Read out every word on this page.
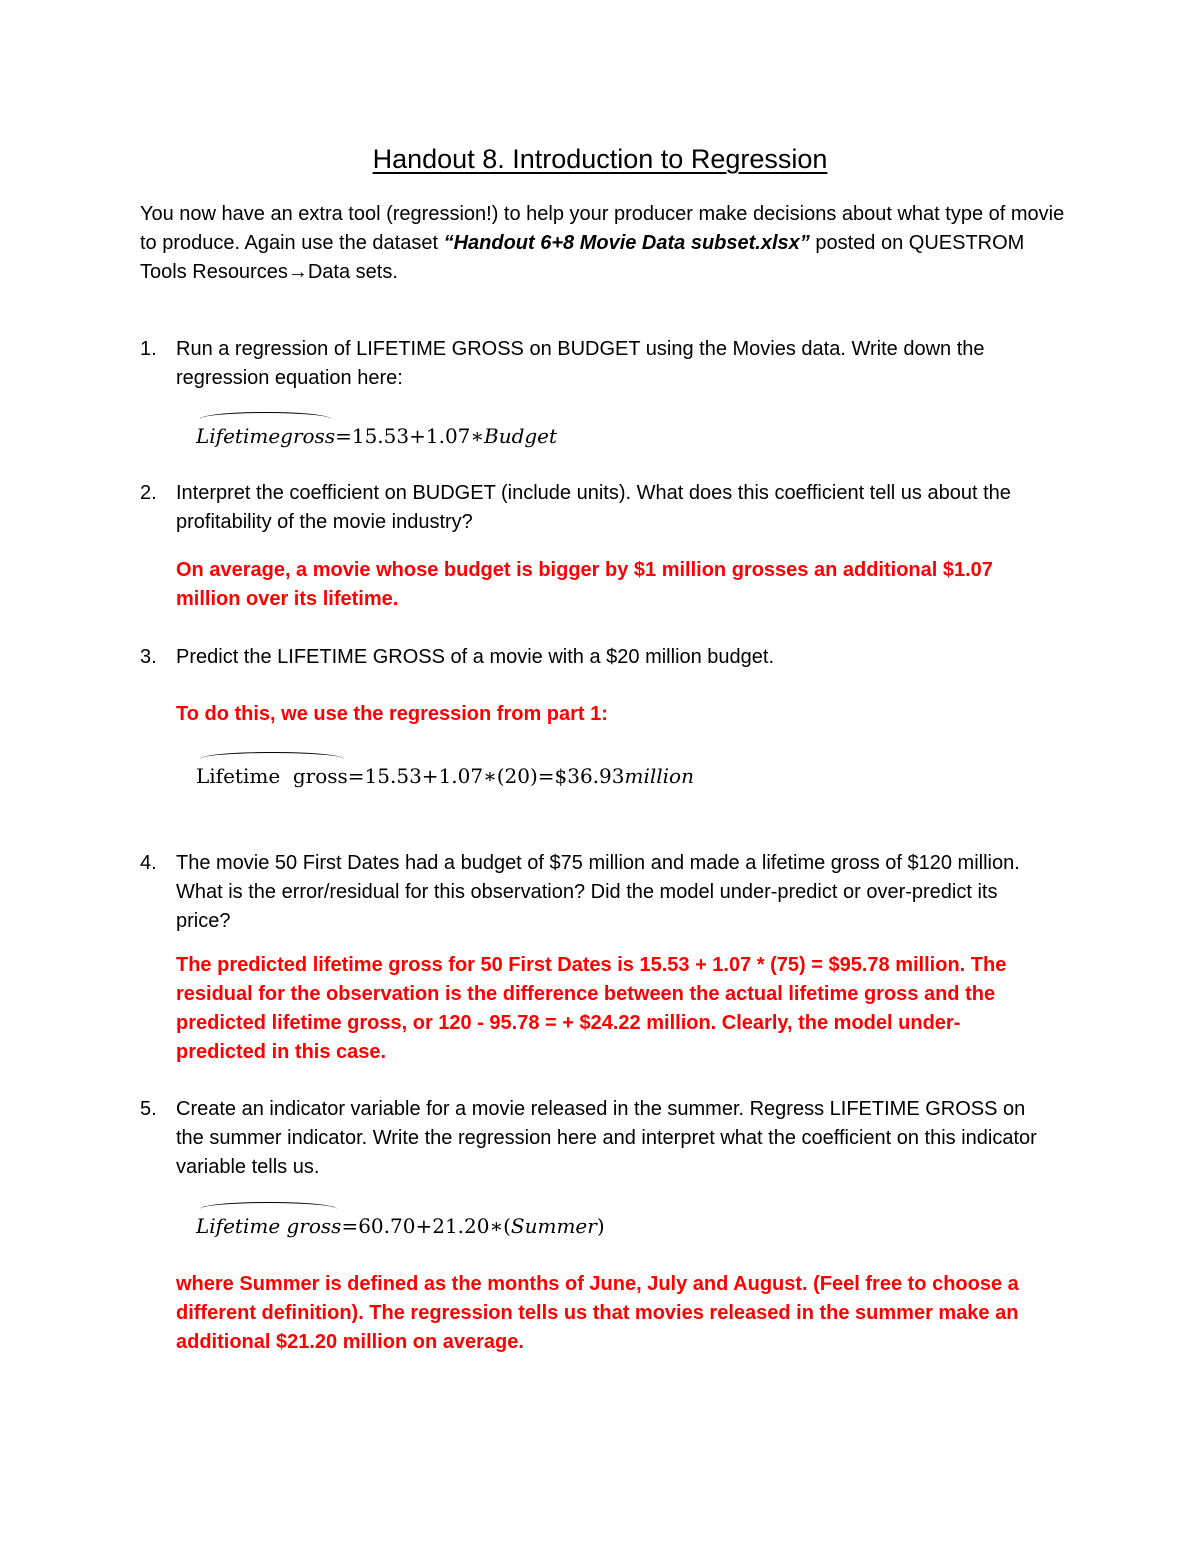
Handout 8. Introduction to Regression
You now have an extra tool (regression!) to help your producer make decisions about what type of movie to produce. Again use the dataset “Handout 6+8 Movie Data subset.xlsx” posted on QUESTROM Tools Resources→Data sets.
1. Run a regression of LIFETIME GROSS on BUDGET using the Movies data. Write down the regression equation here:
Lifetimegross=15.53+1.07∗Budget
2. Interpret the coefficient on BUDGET (include units). What does this coefficient tell us about the profitability of the movie industry?
On average, a movie whose budget is bigger by $1 million grosses an additional $1.07 million over its lifetime.
3. Predict the LIFETIME GROSS of a movie with a $20 million budget.
To do this, we use the regression from part 1:
Lifetime  gross=15.53+1.07∗(20)=$36.93million
4. The movie 50 First Dates had a budget of $75 million and made a lifetime gross of $120 million. What is the error/residual for this observation? Did the model under-predict or over-predict its price?
The predicted lifetime gross for 50 First Dates is 15.53 + 1.07 * (75) = $95.78 million. The residual for the observation is the difference between the actual lifetime gross and the predicted lifetime gross, or 120 - 95.78 = + $24.22 million. Clearly, the model under-predicted in this case.
5. Create an indicator variable for a movie released in the summer. Regress LIFETIME GROSS on the summer indicator. Write the regression here and interpret what the coefficient on this indicator variable tells us.
Lifetime gross=60.70+21.20∗(Summer)
where Summer is defined as the months of June, July and August. (Feel free to choose a different definition). The regression tells us that movies released in the summer make an additional $21.20 million on average.
